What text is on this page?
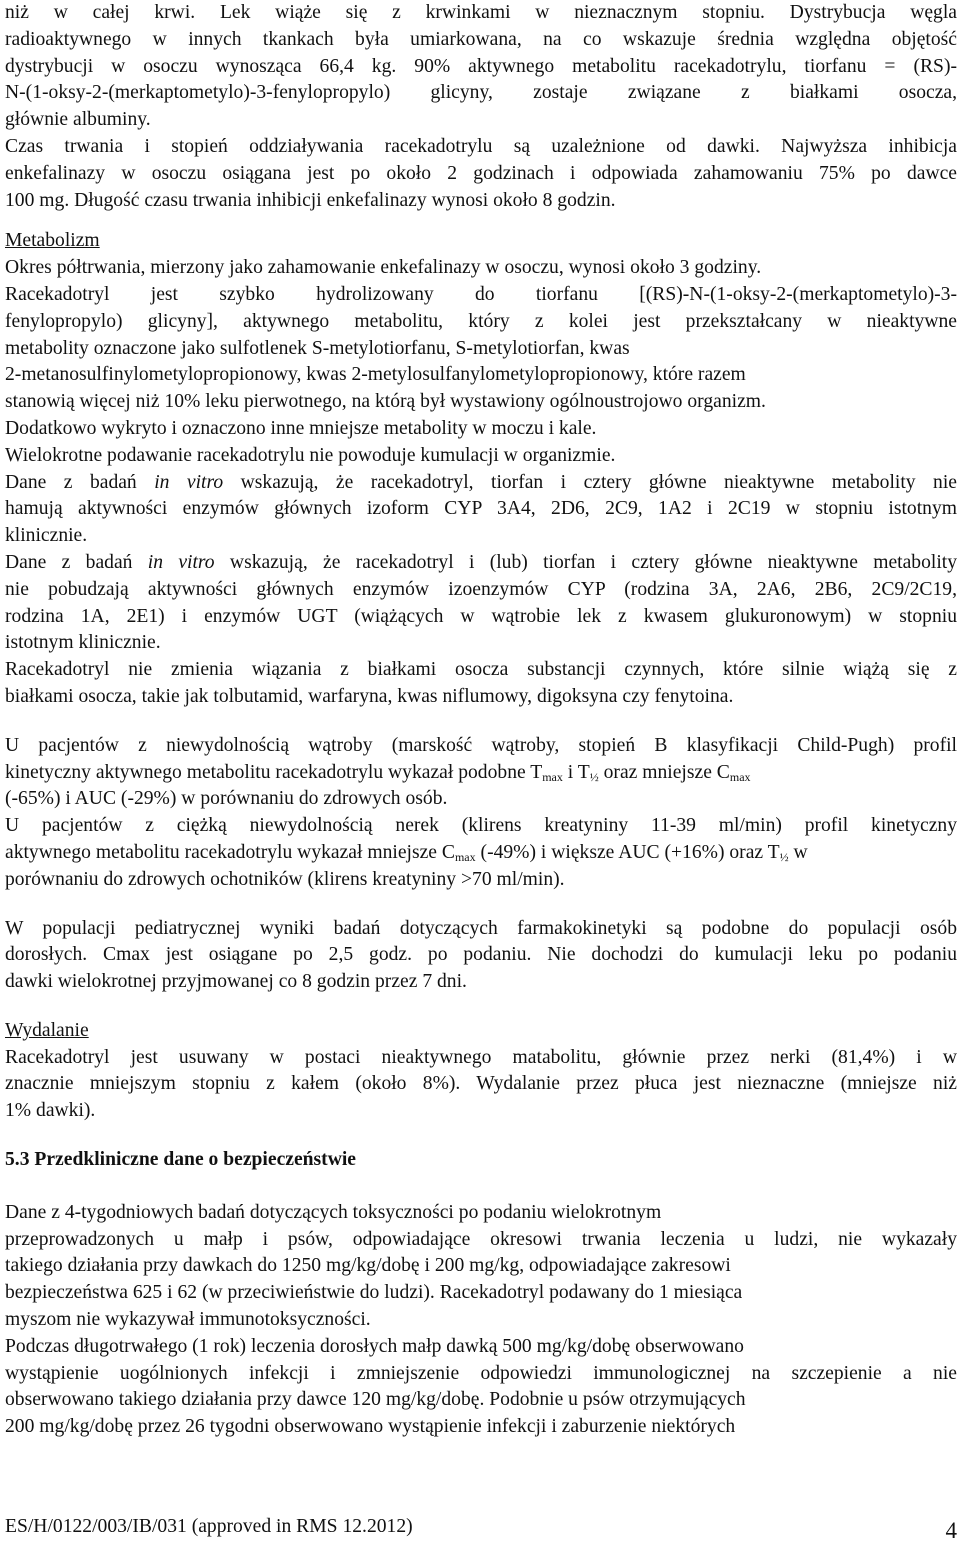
niż w całej krwi. Lek wiąże się z krwinkami w nieznacznym stopniu. Dystrybucja węgla
radioaktywnego w innych tkankach była umiarkowana, na co wskazuje średnia względna objętość
dystrybucji w osoczu wynosząca 66,4 kg. 90% aktywnego metabolitu racekadotrylu, tiorfanu = (RS)-
N-(1-oksy-2-(merkaptometylo)-3-fenylopropylo) glicyny, zostaje związane z białkami osocza,
głównie albuminy.
Czas trwania i stopień oddziaływania racekadotrylu są uzależnione od dawki. Najwyższa inhibicja
enkefalinazy w osoczu osiągana jest po około 2 godzinach i odpowiada zahamowaniu 75% po dawce
100 mg. Długość czasu trwania inhibicji enkefalinazy wynosi około 8 godzin.
Metabolizm
Okres półtrwania, mierzony jako zahamowanie enkefalinazy w osoczu, wynosi około 3 godziny.
Racekadotryl jest szybko hydrolizowany do tiorfanu [(RS)-N-(1-oksy-2-(merkaptometylo)-3-
fenylopropylo) glicyny], aktywnego metabolitu, który z kolei jest przekształcany w nieaktywne
metabolity oznaczone jako sulfotlenek S-metylotiorfanu, S-metylotiorfan, kwas
2-metanosulfinylometylopropionowy, kwas 2-metylosulfanylometylopropionowy, które razem
stanowią więcej niż 10% leku pierwotnego, na którą był wystawiony ogólnoustrojowo organizm.
Dodatkowo wykryto i oznaczono inne mniejsze metabolity w moczu i kale.
Wielokrotne podawanie racekadotrylu nie powoduje kumulacji w organizmie.
Dane z badań in vitro wskazują, że racekadotryl, tiorfan i cztery główne nieaktywne metabolity nie
hamują aktywności enzymów głównych izoform CYP 3A4, 2D6, 2C9, 1A2 i 2C19 w stopniu istotnym
klinicznie.
Dane z badań in vitro wskazują, że racekadotryl i (lub) tiorfan i cztery główne nieaktywne metabolity
nie pobudzają aktywności głównych enzymów izoenzymów CYP (rodzina 3A, 2A6, 2B6, 2C9/2C19,
rodzina 1A, 2E1) i enzymów UGT (wiążących w wątrobie lek z kwasem glukuronowym) w stopniu
istotnym klinicznie.
Racekadotryl nie zmienia wiązania z białkami osocza substancji czynnych, które silnie wiążą się z
białkami osocza, takie jak tolbutamid, warfaryna, kwas niflumowy, digoksyna czy fenytoina.
U pacjentów z niewydolnością wątroby (marskość wątroby, stopień B klasyfikacji Child-Pugh) profil
kinetyczny aktywnego metabolitu racekadotrylu wykazał podobne $T_{max}$ i $T_{\frac{1}{2}}$ oraz mniejsze $C_{max}$
(-65%) i AUC (-29%) w porównaniu do zdrowych osób.
U pacjentów z ciężką niewydolnością nerek (klirens kreatyniny 11-39 ml/min) profil kinetyczny
aktywnego metabolitu racekadotrylu wykazał mniejsze $C_{max}$ (-49%) i większe AUC (+16%) oraz $T_{\frac{1}{2}}$ w
porównaniu do zdrowych ochotników (klirens kreatyniny >70 ml/min).
W populacji pediatrycznej wyniki badań dotyczących farmakokinetyki są podobne do populacji osób
dorosłych. Cmax jest osiągane po 2,5 godz. po podaniu. Nie dochodzi do kumulacji leku po podaniu
dawki wielokrotnej przyjmowanej co 8 godzin przez 7 dni.
Wydalanie
Racekadotryl jest usuwany w postaci nieaktywnego matabolitu, głównie przez nerki (81,4%) i w
znacznie mniejszym stopniu z kałem (około 8%). Wydalanie przez płuca jest nieznaczne (mniejsze niż
1% dawki).
5.3 Przedkliniczne dane o bezpieczeństwie
Dane z 4-tygodniowych badań dotyczących toksyczności po podaniu wielokrotnym
przeprowadzonych u małp i psów, odpowiadające okresowi trwania leczenia u ludzi, nie wykazały
takiego działania przy dawkach do 1250 mg/kg/dobę i 200 mg/kg, odpowiadające zakresowi
bezpieczeństwa 625 i 62 (w przeciwieństwie do ludzi). Racekadotryl podawany do 1 miesiąca
myszom nie wykazywał immunotoksyczności.
Podczas długotrwałego (1 rok) leczenia dorosłych małp dawką 500 mg/kg/dobę obserwowano
wystąpienie uogólnionych infekcji i zmniejszenie odpowiedzi immunologicznej na szczepienie a nie
obserwowano takiego działania przy dawce 120 mg/kg/dobę. Podobnie u psów otrzymujących
200 mg/kg/dobę przez 26 tygodni obserwowano wystąpienie infekcji i zaburzenie niektórych
ES/H/0122/003/IB/031 (approved in RMS 12.2012)	4
